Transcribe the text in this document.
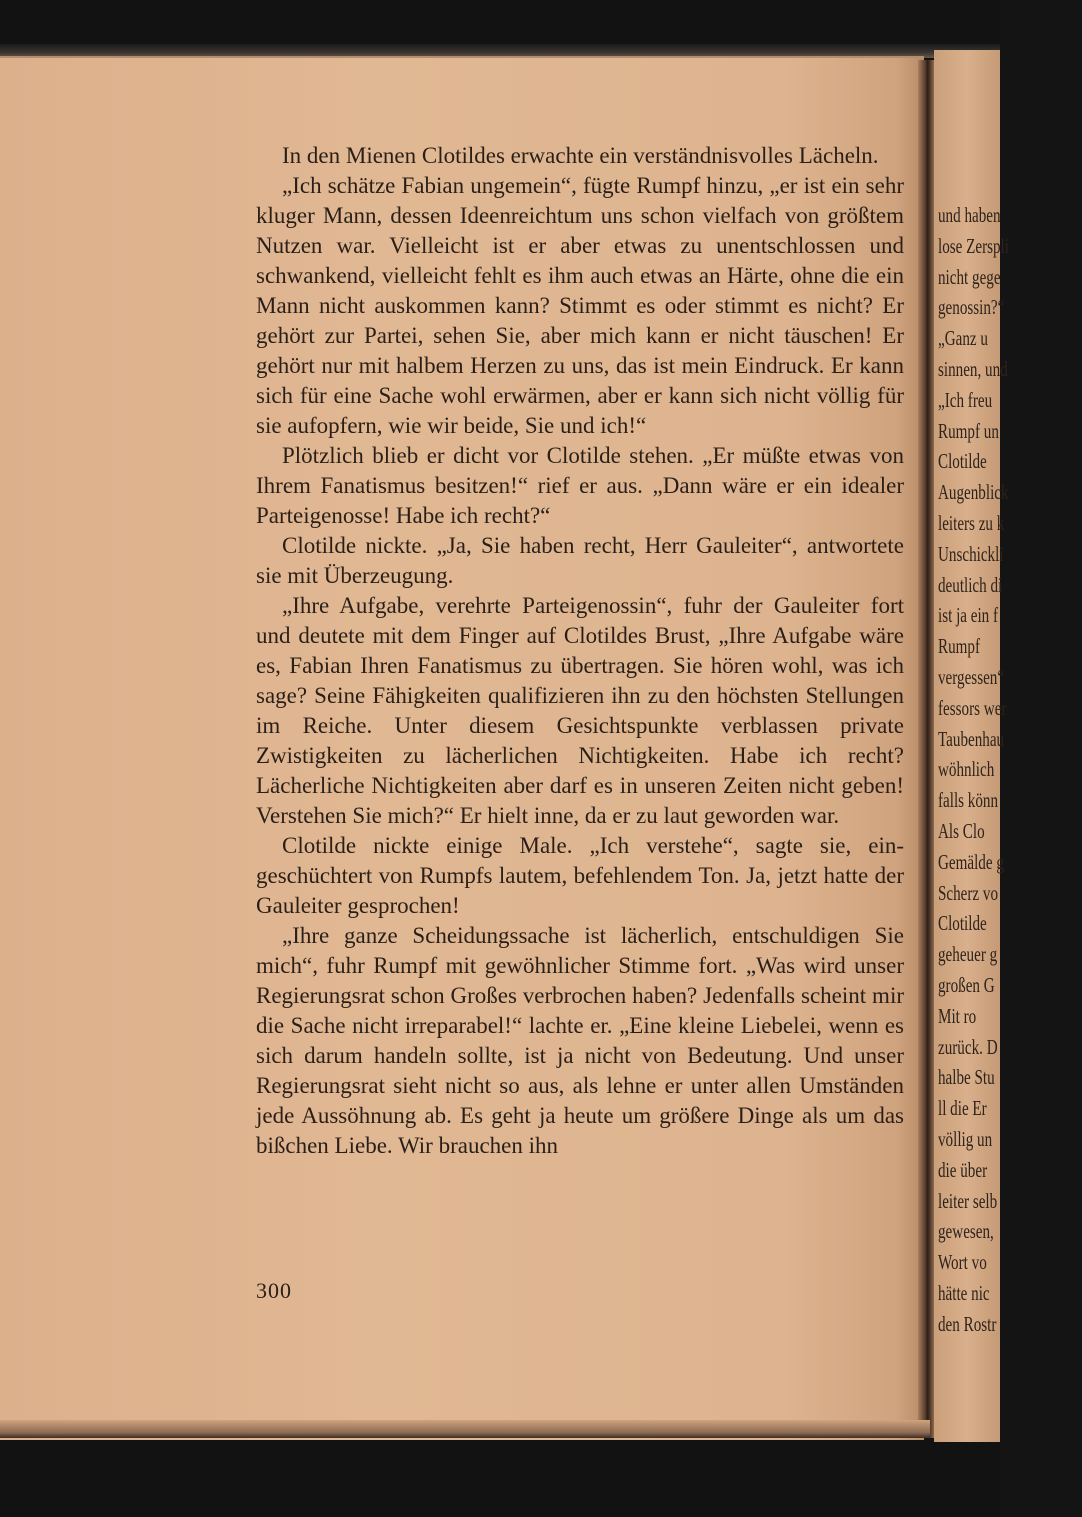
und haben
lose Zerspli
nicht gege
genossin?“
„Ganz u
sinnen, und
„Ich freu
Rumpf un
Clotilde
Augenblick
leiters zu k
Unschickli
deutlich di
ist ja ein f
Rumpf
vergessen“
fessors wer
Taubenhau
wöhnlich
falls könn
Als Clo
Gemälde g
Scherz vo
Clotilde
geheuer g
großen G
Mit ro
zurück. D
halbe Stu
ll die Er
völlig un
die über
leiter selb
gewesen,
Wort vo
hätte nic
den Rostr

In den Mienen Clotildes erwachte ein verständnisvolles Lächeln.

„Ich schätze Fabian ungemein“, fügte Rumpf hinzu, „er ist ein sehr kluger Mann, dessen Ideenreichtum uns schon vielfach von größtem Nutzen war. Vielleicht ist er aber etwas zu unentschlossen und schwankend, vielleicht fehlt es ihm auch etwas an Härte, ohne die ein Mann nicht auskommen kann? Stimmt es oder stimmt es nicht? Er gehört zur Partei, sehen Sie, aber mich kann er nicht täuschen! Er gehört nur mit halbem Herzen zu uns, das ist mein Eindruck. Er kann sich für eine Sache wohl erwärmen, aber er kann sich nicht völlig für sie aufopfern, wie wir beide, Sie und ich!“

Plötzlich blieb er dicht vor Clotilde stehen. „Er müßte etwas von Ihrem Fanatismus besitzen!“ rief er aus. „Dann wäre er ein idealer Parteigenosse! Habe ich recht?“

Clotilde nickte. „Ja, Sie haben recht, Herr Gauleiter“, antwortete sie mit Überzeugung.

„Ihre Aufgabe, verehrte Parteigenossin“, fuhr der Gauleiter fort und deutete mit dem Finger auf Clotildes Brust, „Ihre Aufgabe wäre es, Fabian Ihren Fanatismus zu übertragen. Sie hören wohl, was ich sage? Seine Fähigkeiten qualifizieren ihn zu den höchsten Stellungen im Reiche. Unter diesem Gesichtspunkte verblassen private Zwistigkeiten zu lächerlichen Nichtigkeiten. Habe ich recht? Lächerliche Nichtigkeiten aber darf es in unseren Zeiten nicht geben! Verstehen Sie mich?“ Er hielt inne, da er zu laut geworden war.

Clotilde nickte einige Male. „Ich verstehe“, sagte sie, eingeschüchtert von Rumpfs lautem, befehlendem Ton. Ja, jetzt hatte der Gauleiter gesprochen!

„Ihre ganze Scheidungssache ist lächerlich, entschuldigen Sie mich“, fuhr Rumpf mit gewöhnlicher Stimme fort. „Was wird unser Regierungsrat schon Großes verbrochen haben? Jedenfalls scheint mir die Sache nicht irreparabel!“ lachte er. „Eine kleine Liebelei, wenn es sich darum handeln sollte, ist ja nicht von Bedeutung. Und unser Regierungsrat sieht nicht so aus, als lehne er unter allen Umständen jede Aussöhnung ab. Es geht ja heute um größere Dinge als um das bißchen Liebe. Wir brauchen ihn

300
